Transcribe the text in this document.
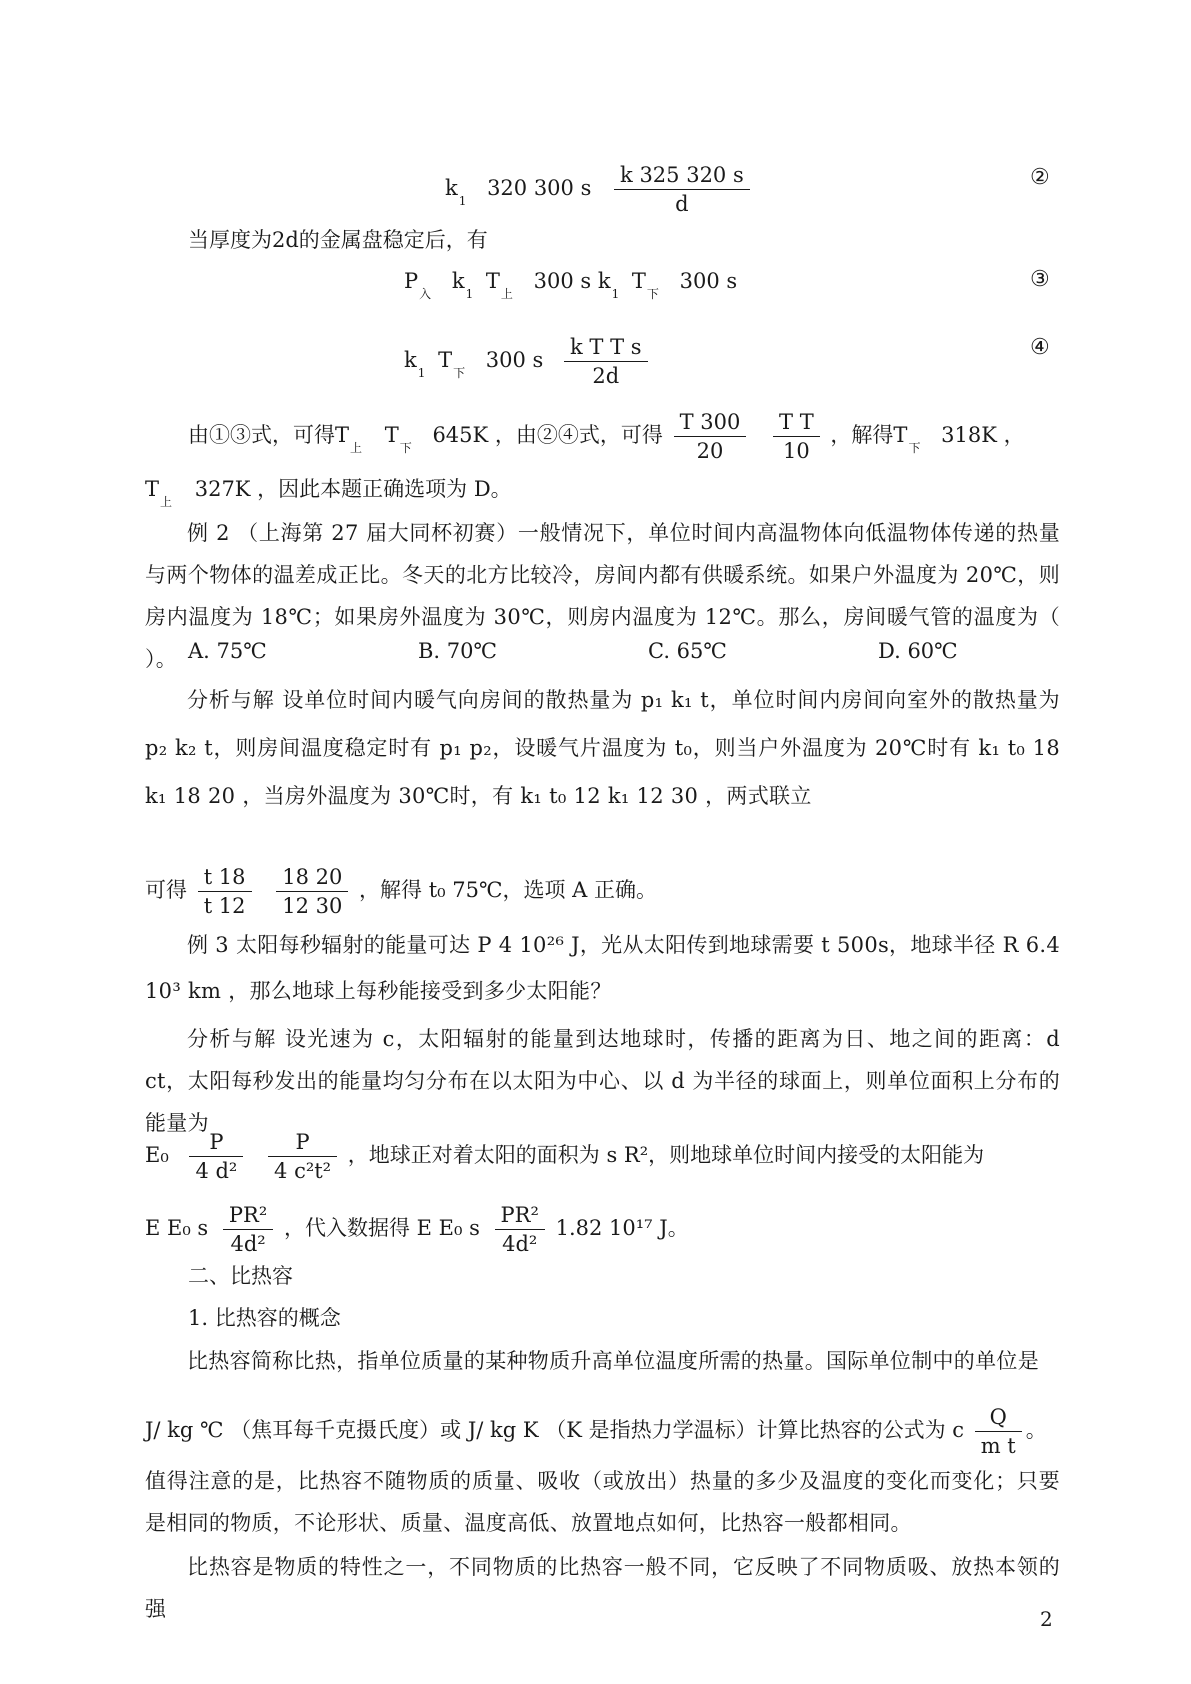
$k_1$ 320 300 s $\frac{k 325 320 s}{d}$	②
当厚度为2d的金属盘稳定后，有
$P_入$ $k_1$ $T_上$ 300 s $k_1$ $T_下$ 300 s	③
$k_1$ $T_下$ 300 s $\frac{\text{k T T s}}{2d}$	④
由①③式，可得$T_上$ $T_下$ 645K ，由②④式，可得 $\frac{T 300}{20}$
$\frac{\text{T T}}{10}$ ，解得$T_下$ 318K ，
$T_上$ 327K ，因此本题正确选项为 D。
例 2 （上海第 27 届大同杯初赛）一般情况下，单位时间内高温物体向低温物体传递的热量与两个物体的温差成正比。冬天的北方比较冷，房间内都有供暖系统。如果户外温度为 20℃，则房内温度为 18℃；如果房外温度为 30℃，则房内温度为 12℃。那么，房间暖气管的温度为（ ）。 A. 75℃	B. 70℃	C. 65℃	D. 60℃
分析与解 设单位时间内暖气向房间的散热量为 p₁ k₁ t，单位时间内房间向室外的散热量为 p₂ k₂ t，则房间温度稳定时有 p₁ p₂，设暖气片温度为 t₀，则当户外温度为 20℃时有 k₁ t₀ 18 k₁ 18 20 ，当房外温度为 30℃时，有 k₁ t₀ 12 k₁ 12 30 ，两式联立
可得 $\frac{t 18}{t 12}$
$\frac{18 20}{12 30}$ ，解得 t₀ 75℃，选项 A 正确。
例 3 太阳每秒辐射的能量可达 P 4 10²⁶ J，光从太阳传到地球需要 t 500s，地球半径 R 6.4 10³ km ，那么地球上每秒能接受到多少太阳能？
分析与解 设光速为 c，太阳辐射的能量到达地球时，传播的距离为日、地之间的距离：d ct，太阳每秒发出的能量均匀分布在以太阳为中心、以 d 为半径的球面上，则单位面积上分布的能量为
$E_0 \frac{P}{\text{4 d²}}$
$\frac{P}{\text{4 c²t²}}$ ，地球正对着太阳的面积为 s R²，则地球单位时间内接受的太阳能为
E E₀ s $\frac{\text{PR²}}{\text{4d²}}$ ，代入数据得 E E₀ s $\frac{\text{PR²}}{\text{4d²}} 1.82$ 10¹⁷ J。
二、比热容
1. 比热容的概念
比热容简称比热，指单位质量的某种物质升高单位温度所需的热量。国际单位制中的单位是
J/ kg ℃ （焦耳每千克摄氏度）或 J/ kg K （K 是指热力学温标）计算比热容的公式为 c $\frac{Q}{\text{m t}}$ 。
值得注意的是，比热容不随物质的质量、吸收（或放出）热量的多少及温度的变化而变化；只要是相同的物质，不论形状、质量、温度高低、放置地点如何，比热容一般都相同。
比热容是物质的特性之一，不同物质的比热容一般不同，它反映了不同物质吸、放热本领的强	2
